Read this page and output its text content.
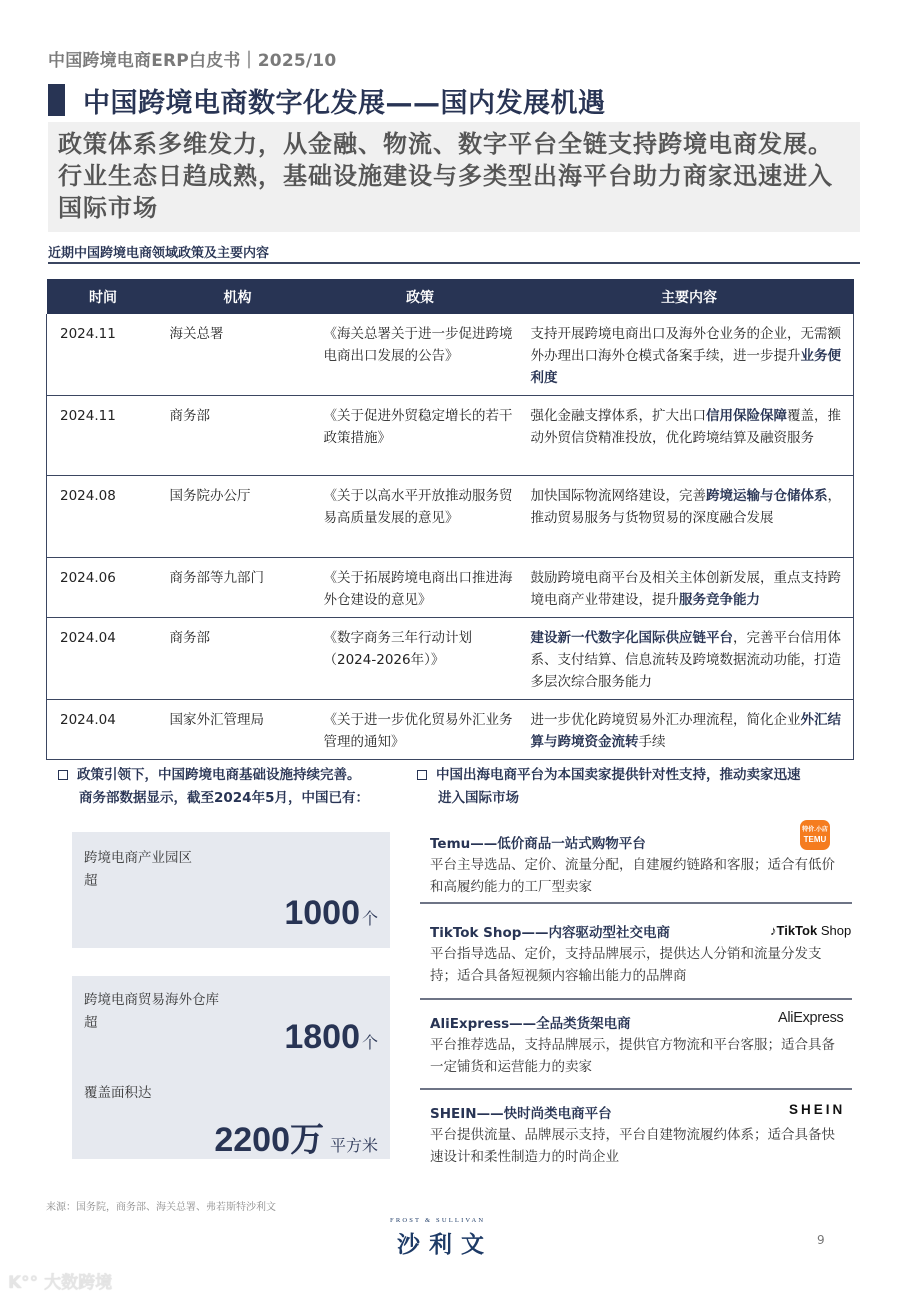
中国跨境电商ERP白皮书｜2025/10
中国跨境电商数字化发展——国内发展机遇
政策体系多维发力，从金融、物流、数字平台全链支持跨境电商发展。行业生态日趋成熟，基础设施建设与多类型出海平台助力商家迅速进入国际市场
近期中国跨境电商领域政策及主要内容
时间	机构	政策	主要内容
2024.11	海关总署	《海关总署关于进一步促进跨境电商出口发展的公告》	支持开展跨境电商出口及海外仓业务的企业，无需额外办理出口海外仓模式备案手续，进一步提升业务便利度
2024.11	商务部	《关于促进外贸稳定增长的若干政策措施》	强化金融支撑体系，扩大出口信用保险保障覆盖，推动外贸信贷精准投放，优化跨境结算及融资服务
2024.08	国务院办公厅	《关于以高水平开放推动服务贸易高质量发展的意见》	加快国际物流网络建设，完善跨境运输与仓储体系，推动贸易服务与货物贸易的深度融合发展
2024.06	商务部等九部门	《关于拓展跨境电商出口推进海外仓建设的意见》	鼓励跨境电商平台及相关主体创新发展，重点支持跨境电商产业带建设，提升服务竞争能力
2024.04	商务部	《数字商务三年行动计划（2024-2026年）》	建设新一代数字化国际供应链平台，完善平台信用体系、支付结算、信息流转及跨境数据流动功能，打造多层次综合服务能力
2024.04	国家外汇管理局	《关于进一步优化贸易外汇业务管理的通知》	进一步优化跨境贸易外汇办理流程，简化企业外汇结算与跨境资金流转手续
政策引领下，中国跨境电商基础设施持续完善。
商务部数据显示，截至2024年5月，中国已有：
跨境电商产业园区
超
1000 个
跨境电商贸易海外仓库
超	1800 个
覆盖面积达
2200万 平方米
中国出海电商平台为本国卖家提供针对性支持，推动卖家迅速
进入国际市场
Temu——低价商品一站式购物平台
平台主导选品、定价、流量分配，自建履约链路和客服；适合有低价和高履约能力的工厂型卖家
特价.小店
TEMU
TikTok Shop——内容驱动型社交电商
平台指导选品、定价，支持品牌展示，提供达人分销和流量分发支持；适合具备短视频内容输出能力的品牌商
♪TikTok Shop
AliExpress——全品类货架电商
平台推荐选品，支持品牌展示，提供官方物流和平台客服；适合具备一定铺货和运营能力的卖家
AliExpress
SHEIN——快时尚类电商平台
平台提供流量、品牌展示支持，平台自建物流履约体系；适合具备快速设计和柔性制造力的时尚企业
SHEIN
来源：国务院，商务部、海关总署、弗若斯特沙利文
FROST & SULLIVAN
沙利文	9
K°° 大数跨境
